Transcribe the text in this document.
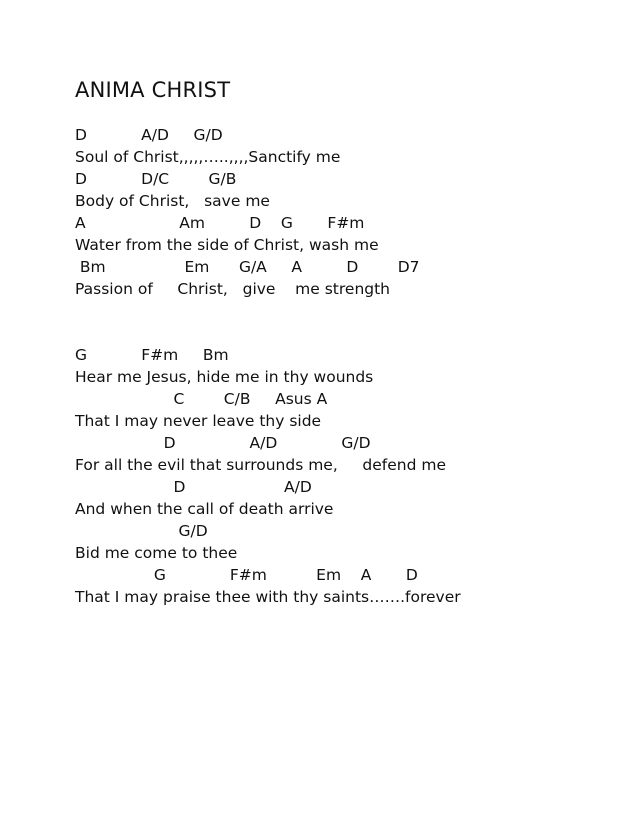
ANIMA CHRIST
D           A/D     G/D
Soul of Christ,,,,,…..,,,,Sanctify me
D           D/C        G/B
Body of Christ,   save me
A                   Am         D    G       F#m
Water from the side of Christ, wash me
Bm                Em      G/A     A         D        D7
Passion of     Christ,   give    me strength
G           F#m     Bm
Hear me Jesus, hide me in thy wounds
C        C/B     Asus A
That I may never leave thy side
D               A/D             G/D
For all the evil that surrounds me,     defend me
D                    A/D
And when the call of death arrive
G/D
Bid me come to thee
G             F#m          Em    A       D
That I may praise thee with thy saints…….forever
